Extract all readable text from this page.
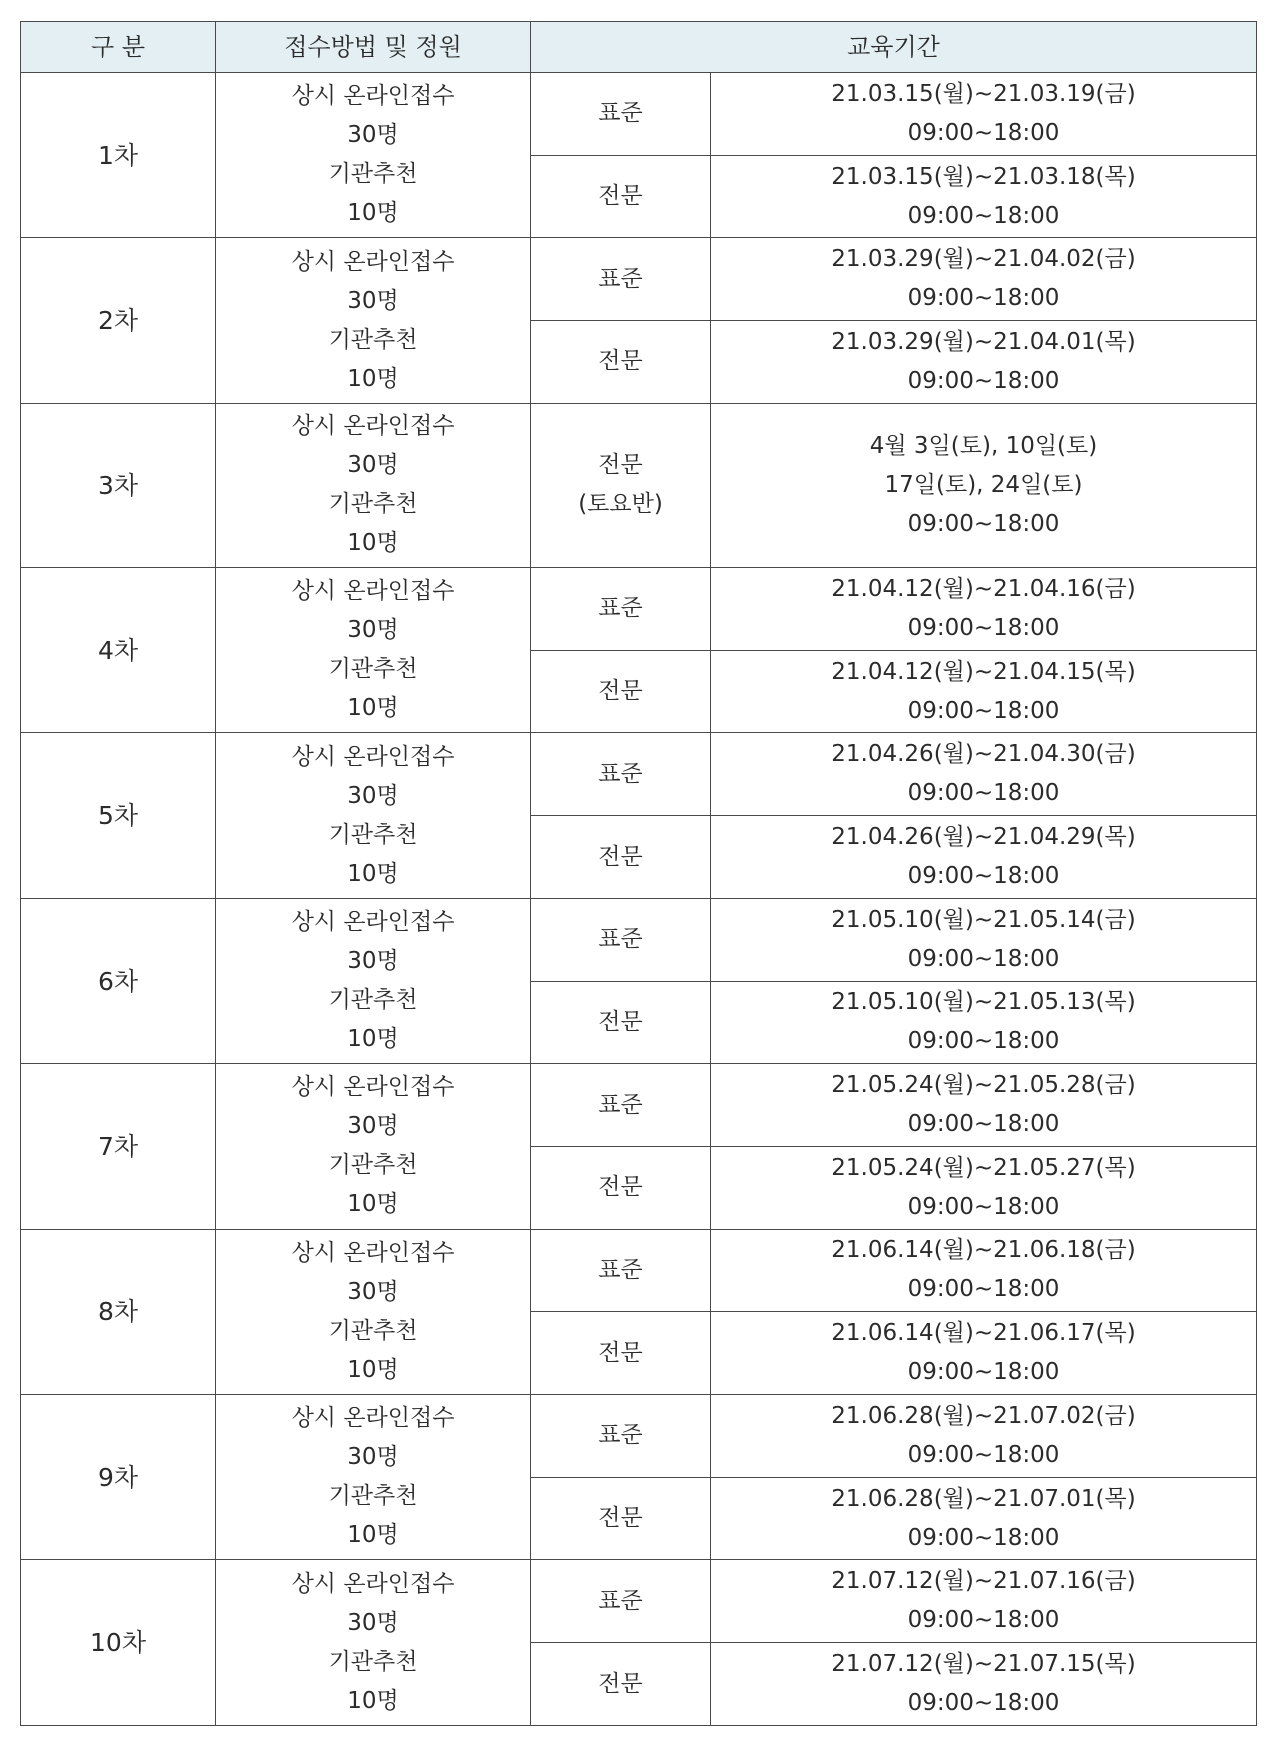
구 분	접수방법 및 정원	교육기간	
1차	상시 온라인접수
30명
기관추천
10명	표준	21.03.15(월)~21.03.19(금)
09:00~18:00

		전문	21.03.15(월)~21.03.18(목)
09:00~18:00

2차	상시 온라인접수
30명
기관추천
10명	표준	21.03.29(월)~21.04.02(금)
09:00~18:00

		전문	21.03.29(월)~21.04.01(목)
09:00~18:00

3차	상시 온라인접수
30명
기관추천
10명	전문
(토요반)	4월 3일(토), 10일(토)
17일(토), 24일(토)
09:00~18:00

4차	상시 온라인접수
30명
기관추천
10명	표준	21.04.12(월)~21.04.16(금)
09:00~18:00

		전문	21.04.12(월)~21.04.15(목)
09:00~18:00

5차	상시 온라인접수
30명
기관추천
10명	표준	21.04.26(월)~21.04.30(금)
09:00~18:00

		전문	21.04.26(월)~21.04.29(목)
09:00~18:00

6차	상시 온라인접수
30명
기관추천
10명	표준	21.05.10(월)~21.05.14(금)
09:00~18:00

		전문	21.05.10(월)~21.05.13(목)
09:00~18:00

7차	상시 온라인접수
30명
기관추천
10명	표준	21.05.24(월)~21.05.28(금)
09:00~18:00

		전문	21.05.24(월)~21.05.27(목)
09:00~18:00

8차	상시 온라인접수
30명
기관추천
10명	표준	21.06.14(월)~21.06.18(금)
09:00~18:00

		전문	21.06.14(월)~21.06.17(목)
09:00~18:00

9차	상시 온라인접수
30명
기관추천
10명	표준	21.06.28(월)~21.07.02(금)
09:00~18:00

		전문	21.06.28(월)~21.07.01(목)
09:00~18:00

10차	상시 온라인접수
30명
기관추천
10명	표준	21.07.12(월)~21.07.16(금)
09:00~18:00

		전문	21.07.12(월)~21.07.15(목)
09:00~18:00
